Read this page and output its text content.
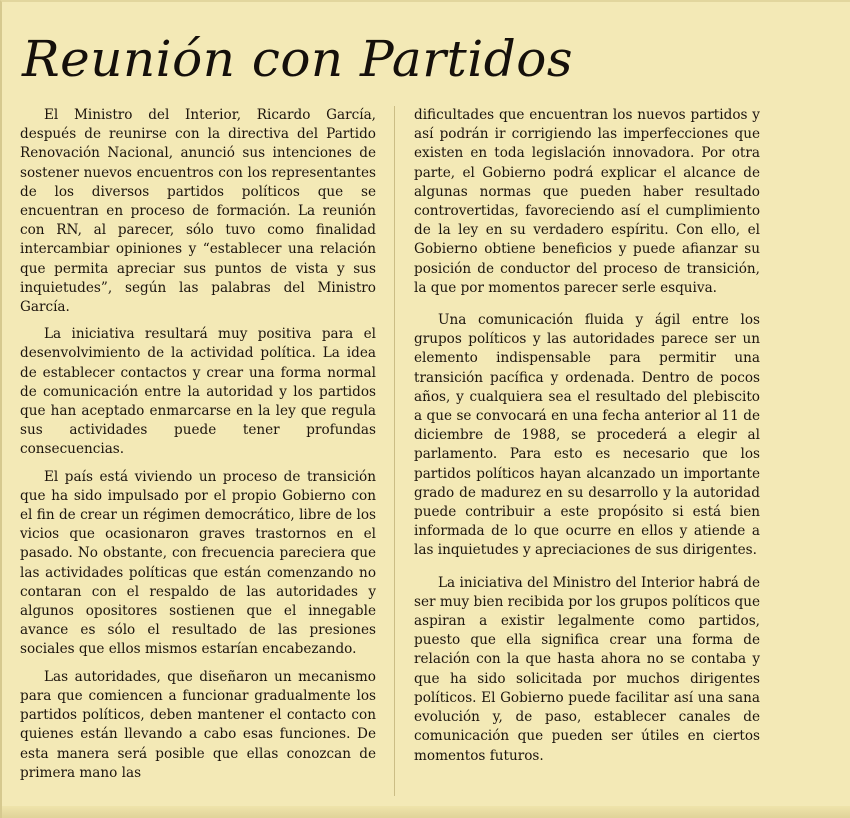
Reunión con Partidos

El Ministro del Interior, Ricardo García, después de reunirse con la directiva del Partido Renovación Nacional, anunció sus intenciones de sostener nuevos encuentros con los representantes de los diversos partidos políticos que se encuentran en proceso de formación. La reunión con RN, al parecer, sólo tuvo como finalidad intercambiar opiniones y “establecer una relación que permita apreciar sus puntos de vista y sus inquietudes”, según las palabras del Ministro García.

La iniciativa resultará muy positiva para el desenvolvimiento de la actividad política. La idea de establecer contactos y crear una forma normal de comunicación entre la autoridad y los partidos que han aceptado enmarcarse en la ley que regula sus actividades puede tener profundas consecuencias.

El país está viviendo un proceso de transición que ha sido impulsado por el propio Gobierno con el fin de crear un régimen democrático, libre de los vicios que ocasionaron graves trastornos en el pasado. No obstante, con frecuencia pareciera que las actividades políticas que están comenzando no contaran con el respaldo de las autoridades y algunos opositores sostienen que el innegable avance es sólo el resultado de las presiones sociales que ellos mismos estarían encabezando.

Las autoridades, que diseñaron un mecanismo para que comiencen a funcionar gradualmente los partidos políticos, deben mantener el contacto con quienes están llevando a cabo esas funciones. De esta manera será posible que ellas conozcan de primera mano las

dificultades que encuentran los nuevos partidos y así podrán ir corrigiendo las imperfecciones que existen en toda legislación innovadora. Por otra parte, el Gobierno podrá explicar el alcance de algunas normas que pueden haber resultado controvertidas, favoreciendo así el cumplimiento de la ley en su verdadero espíritu. Con ello, el Gobierno obtiene beneficios y puede afianzar su posición de conductor del proceso de transición, la que por momentos parecer serle esquiva.

Una comunicación fluida y ágil entre los grupos políticos y las autoridades parece ser un elemento indispensable para permitir una transición pacífica y ordenada. Dentro de pocos años, y cualquiera sea el resultado del plebiscito a que se convocará en una fecha anterior al 11 de diciembre de 1988, se procederá a elegir al parlamento. Para esto es necesario que los partidos políticos hayan alcanzado un importante grado de madurez en su desarrollo y la autoridad puede contribuir a este propósito si está bien informada de lo que ocurre en ellos y atiende a las inquietudes y apreciaciones de sus dirigentes.

La iniciativa del Ministro del Interior habrá de ser muy bien recibida por los grupos políticos que aspiran a existir legalmente como partidos, puesto que ella significa crear una forma de relación con la que hasta ahora no se contaba y que ha sido solicitada por muchos dirigentes políticos. El Gobierno puede facilitar así una sana evolución y, de paso, establecer canales de comunicación que pueden ser útiles en ciertos momentos futuros.
